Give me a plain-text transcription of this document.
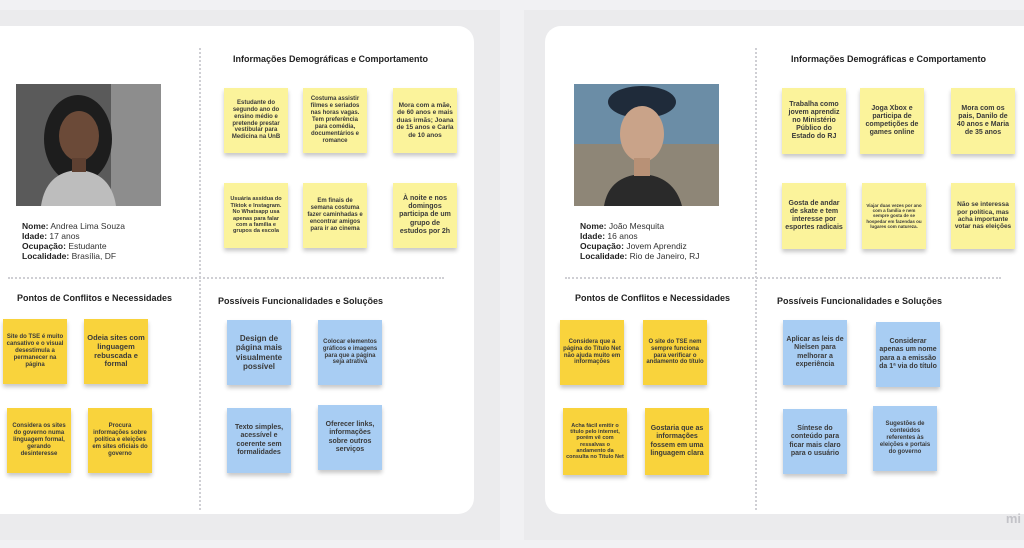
Informações Demográficas e Comportamento
Pontos de Conflitos e Necessidades	Possíveis Funcionalidades e Soluções
Nome: Andrea Lima Souza
Idade: 17 anos
Ocupação: Estudante
Localidade: Brasília, DF
Estudante do segundo ano do ensino médio e pretende prestar vestibular para Medicina na UnB
Costuma assistir filmes e seriados nas horas vagas. Tem preferência para comédia, documentários e romance
Mora com a mãe, de 60 anos e mais duas irmãs; Joana de 15 anos e Carla de 10 anos
Usuária assídua do Tiktok e Instagram. No Whatsapp usa apenas para falar com a família e grupos da escola
Em finais de semana costuma fazer caminhadas e encontrar amigos para ir ao cinema
À noite e nos domingos participa de um grupo de estudos por 2h
Site do TSE é muito cansativo e o visual desestimula a permanecer na página
Odeia sites com linguagem rebuscada e formal
Considera os sites do governo numa linguagem formal, gerando desinteresse
Procura informações sobre política e eleições em sites oficiais do governo
Design de página mais visualmente possível
Colocar elementos gráficos e imagens para que a página seja atrativa
Texto simples, acessível e coerente sem formalidades
Oferecer links, informações sobre outros serviços
Informações Demográficas e Comportamento
Pontos de Conflitos e Necessidades	Possíveis Funcionalidades e Soluções
Nome: João Mesquita
Idade: 16 anos
Ocupação: Jovem Aprendiz
Localidade: Rio de Janeiro, RJ
Trabalha como jovem aprendiz no Ministério Público do Estado do RJ
Joga Xbox e participa de competições de games online
Mora com os pais, Danilo de 40 anos e Maria de 35 anos
Gosta de andar de skate e tem interesse por esportes radicais
Viajar duas vezes por ano com a família e nem sempre gosta de se hospedar em fazendas ou lugares com natureza.
Não se interessa por política, mas acha importante votar nas eleições
Considera que a página do Título Net não ajuda muito em informações
O site do TSE nem sempre funciona para verificar o andamento do título
Acha fácil emitir o título pelo internet, porém vê com ressalvas o andamento da consulta no Título Net
Gostaria que as informações fossem em uma linguagem clara
Aplicar as leis de Nielsen para melhorar a experiência
Considerar apenas um nome para a a emissão da 1ª via do título
Síntese do conteúdo para ficar mais claro para o usuário
Sugestões de conteúdos referentes às eleições e portais do governo
mi
